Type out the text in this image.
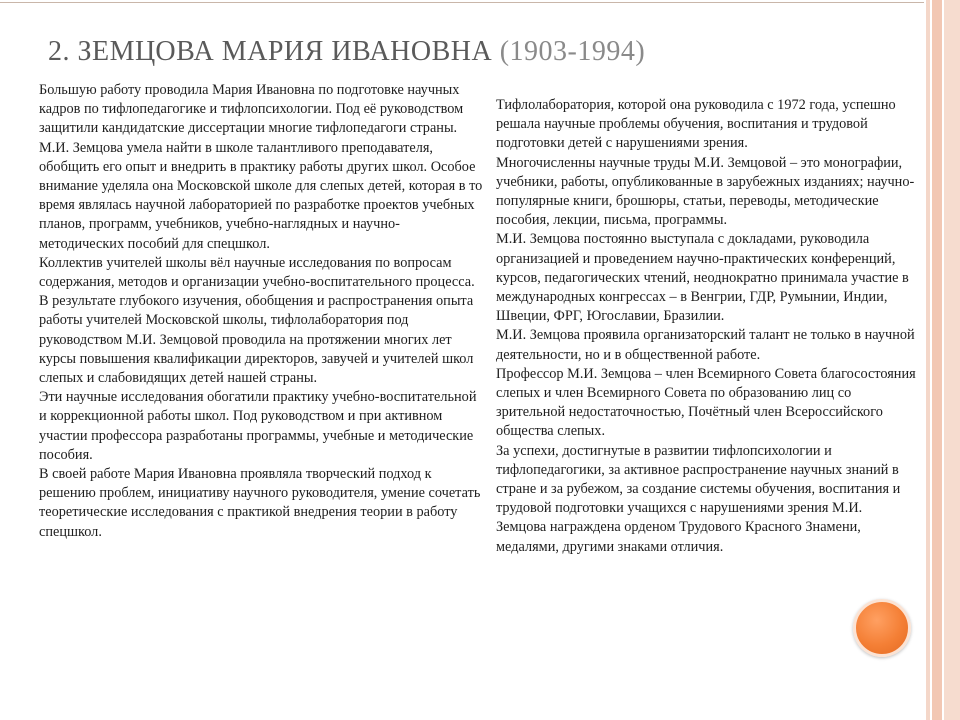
2. ЗЕМЦОВА МАРИЯ ИВАНОВНА (1903-1994)

Большую работу проводила Мария Ивановна по подготовке научных кадров по тифлопедагогике и тифлопсихологии. Под её руководством защитили кандидатские диссертации многие тифлопедагоги страны.

М.И. Земцова умела найти в школе талантливого преподавателя, обобщить его опыт и внедрить в практику работы других школ. Особое внимание уделяла она Московской школе для слепых детей, которая в то время являлась научной лабораторией по разработке проектов учебных планов, программ, учебников, учебно-наглядных и научно-методических пособий для спецшкол.

Коллектив учителей школы вёл научные исследования по вопросам содержания, методов и организации учебно-воспитательного процесса.

В результате глубокого изучения, обобщения и распространения опыта работы учителей Московской школы, тифлолаборатория под руководством М.И. Земцовой проводила на протяжении многих лет курсы повышения квалификации директоров, завучей и учителей школ слепых и слабовидящих детей нашей страны.

Эти научные исследования обогатили практику учебно-воспитательной и коррекционной работы школ. Под руководством и при активном участии профессора разработаны программы, учебные и методические пособия.

В своей работе Мария Ивановна проявляла творческий подход к решению проблем, инициативу научного руководителя, умение сочетать теоретические исследования с практикой внедрения теории в работу спецшкол.

Тифлолаборатория, которой она руководила с 1972 года, успешно решала научные проблемы обучения, воспитания и трудовой подготовки детей с нарушениями зрения.

Многочисленны научные труды М.И. Земцовой – это монографии, учебники, работы, опубликованные в зарубежных изданиях; научно-популярные книги, брошюры, статьи, переводы, методические пособия, лекции, письма, программы.

М.И. Земцова постоянно выступала с докладами, руководила организацией и проведением научно-практических конференций, курсов, педагогических чтений, неоднократно принимала участие в международных конгрессах – в Венгрии, ГДР, Румынии, Индии, Швеции, ФРГ, Югославии, Бразилии.

М.И. Земцова проявила организаторский талант не только в научной деятельности, но и в общественной работе.

Профессор М.И. Земцова – член Всемирного Совета благосостояния слепых и член Всемирного Совета по образованию лиц со зрительной недостаточностью, Почётный член Всероссийского общества слепых.

За успехи, достигнутые в развитии тифлопсихологии и тифлопедагогики, за активное распространение научных знаний в стране и за рубежом, за создание системы обучения, воспитания и трудовой подготовки учащихся с нарушениями зрения М.И. Земцова награждена орденом Трудового Красного Знамени, медалями, другими знаками отличия.
